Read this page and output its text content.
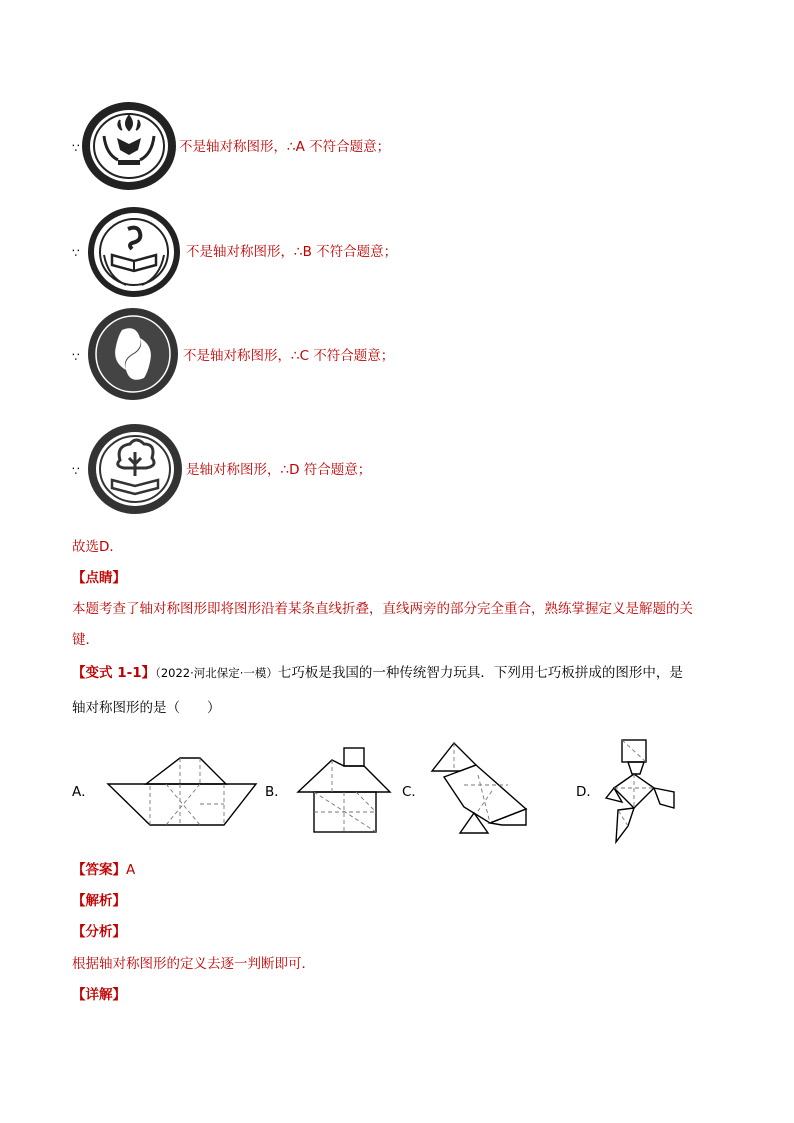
∵	不是轴对称图形，∴A 不符合题意；
∵	不是轴对称图形，∴B 不符合题意；
∵	不是轴对称图形，∴C 不符合题意；
∵	是轴对称图形，∴D 符合题意；
故选D．
【点睛】
本题考查了轴对称图形即将图形沿着某条直线折叠，直线两旁的部分完全重合，熟练掌握定义是解题的关
键．
【变式 1-1】（2022·河北保定·一模）七巧板是我国的一种传统智力玩具．下列用七巧板拼成的图形中，是
轴对称图形的是（　　）
A．	B．	C．	D．
【答案】A
【解析】
【分析】
根据轴对称图形的定义去逐一判断即可．
【详解】
